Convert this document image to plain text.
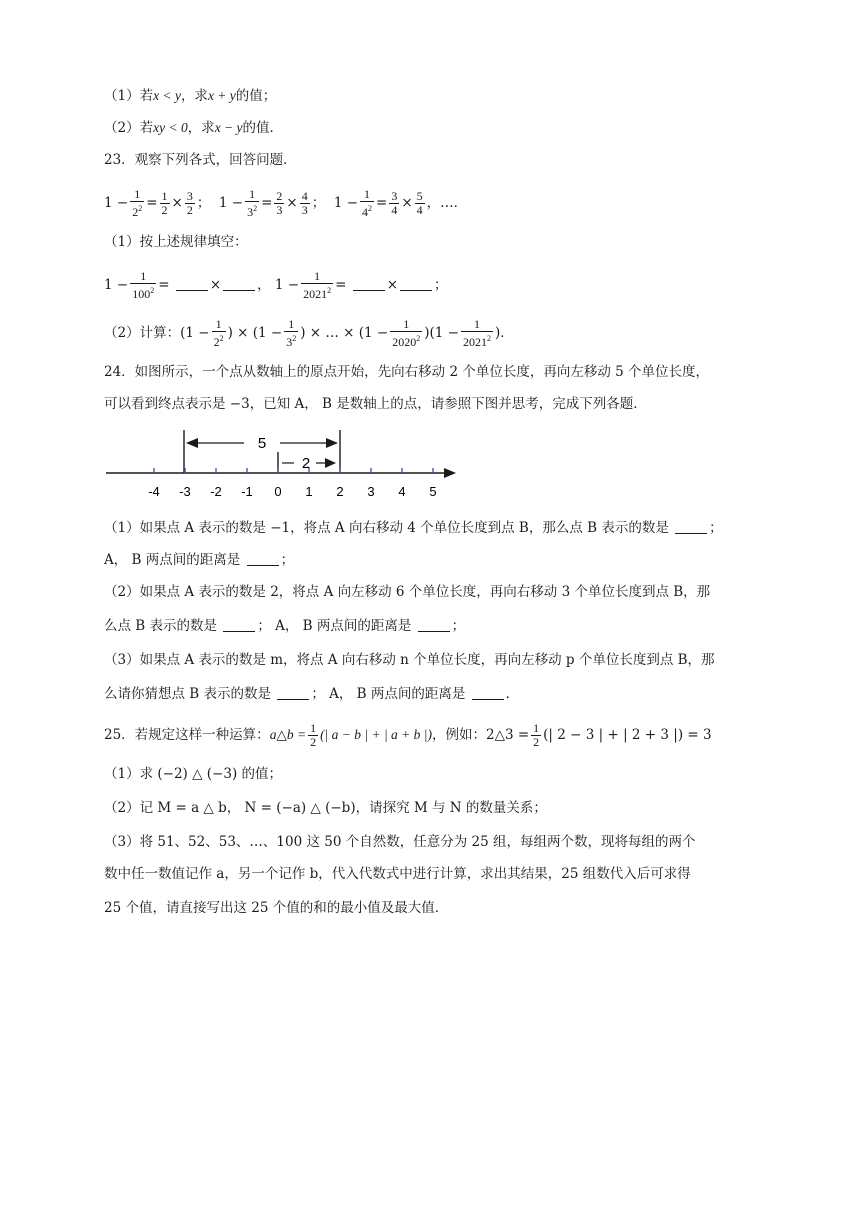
（1）若x < y，求x + y的值；
（2）若xy < 0，求x − y的值．
23．观察下列各式，回答问题．
$1 - \frac{1}{2^2} = \frac{1}{2} \times \frac{3}{2}$ ；  $1 - \frac{1}{3^2} = \frac{2}{3} \times \frac{4}{3}$ ；  $1 - \frac{1}{4^2} = \frac{3}{4} \times \frac{5}{4}$ ，…．
（1）按上述规律填空：
$1 - \frac{1}{100^2}$ =	×	， $1 - \frac{1}{2021^2}$ =	×	；
（2）计算：($1 - \frac{1}{2^2}$ ) × ($1 - \frac{1}{3^2}$ ) × … × $(1 - \frac{1}{2020^2} )(1 - \frac{1}{2021^2}$ )．
24．如图所示，一个点从数轴上的原点开始，先向右移动 2 个单位长度，再向左移动 5 个单位长度，
可以看到终点表示是 −3，已知 A， B 是数轴上的点，请参照下图并思考，完成下列各题．
5
2
-4 -3 -2 -1 0 1 2 3 4 5
（1）如果点 A 表示的数是 −1，将点 A 向右移动 4 个单位长度到点 B，那么点 B 表示的数是	；
A， B 两点间的距离是	；
（2）如果点 A 表示的数是 2，将点 A 向左移动 6 个单位长度，再向右移动 3 个单位长度到点 B，那
么点 B 表示的数是	； A， B 两点间的距离是	；
（3）如果点 A 表示的数是 m，将点 A 向右移动 n 个单位长度，再向左移动 p 个单位长度到点 B，那
么请你猜想点 B 表示的数是	； A， B 两点间的距离是	．
25．若规定这样一种运算：a△b = $\frac{1}{2}$ (| a − b | + | a + b |)，例如：2△3 = $\frac{1}{2}$ (| 2 − 3 | + | 2 + 3 |) = 3
（1）求 (−2) △ (−3) 的值；
（2）记 M = a △ b， N = (−a) △ (−b)，请探究 M 与 N 的数量关系；
（3）将 51、52、53、…、100 这 50 个自然数，任意分为 25 组，每组两个数，现将每组的两个
数中任一数值记作 a，另一个记作 b，代入代数式中进行计算，求出其结果，25 组数代入后可求得
25 个值，请直接写出这 25 个值的和的最小值及最大值．
